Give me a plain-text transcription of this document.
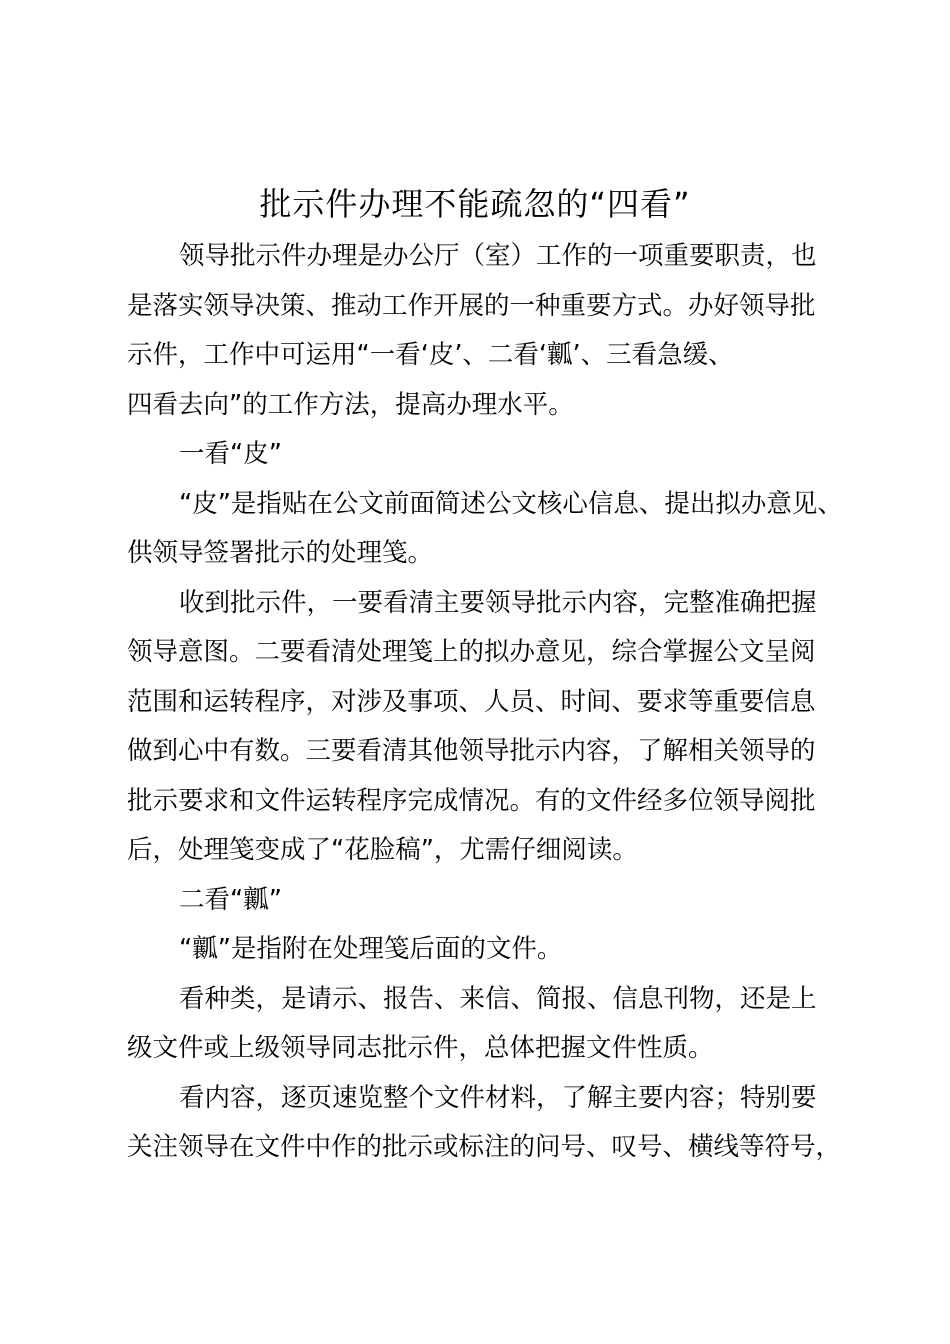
批示件办理不能疏忽的“四看”
领导批示件办理是办公厅（室）工作的一项重要职责，也
是落实领导决策、推动工作开展的一种重要方式。办好领导批
示件，工作中可运用“一看‘皮’、二看‘瓤’、三看急缓、
四看去向”的工作方法，提高办理水平。
一看“皮”
“皮”是指贴在公文前面简述公文核心信息、提出拟办意见、
供领导签署批示的处理笺。
收到批示件，一要看清主要领导批示内容，完整准确把握
领导意图。二要看清处理笺上的拟办意见，综合掌握公文呈阅
范围和运转程序，对涉及事项、人员、时间、要求等重要信息
做到心中有数。三要看清其他领导批示内容，了解相关领导的
批示要求和文件运转程序完成情况。有的文件经多位领导阅批
后，处理笺变成了“花脸稿”，尤需仔细阅读。
二看“瓤”
“瓤”是指附在处理笺后面的文件。
看种类，是请示、报告、来信、简报、信息刊物，还是上
级文件或上级领导同志批示件，总体把握文件性质。
看内容，逐页速览整个文件材料，了解主要内容；特别要
关注领导在文件中作的批示或标注的问号、叹号、横线等符号，
